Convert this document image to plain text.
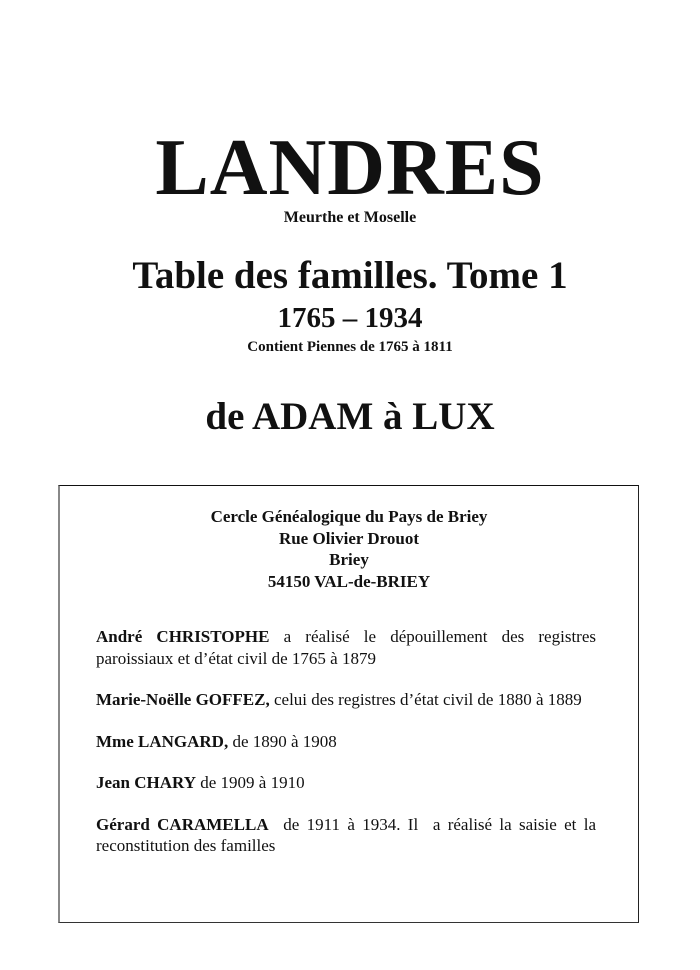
LANDRES
Meurthe et Moselle
Table des familles. Tome 1
1765 – 1934
Contient Piennes de 1765 à 1811
de ADAM à LUX
Cercle Généalogique du Pays de Briey
Rue Olivier Drouot
Briey
54150 VAL-de-BRIEY

André CHRISTOPHE a réalisé le dépouillement des registres paroissiaux et d’état civil de 1765 à 1879

Marie-Noëlle GOFFEZ, celui des registres d’état civil de 1880 à 1889

Mme LANGARD, de 1890 à 1908

Jean CHARY de 1909 à 1910

Gérard CARAMELLA  de 1911 à 1934. Il  a réalisé la saisie et la reconstitution des familles
